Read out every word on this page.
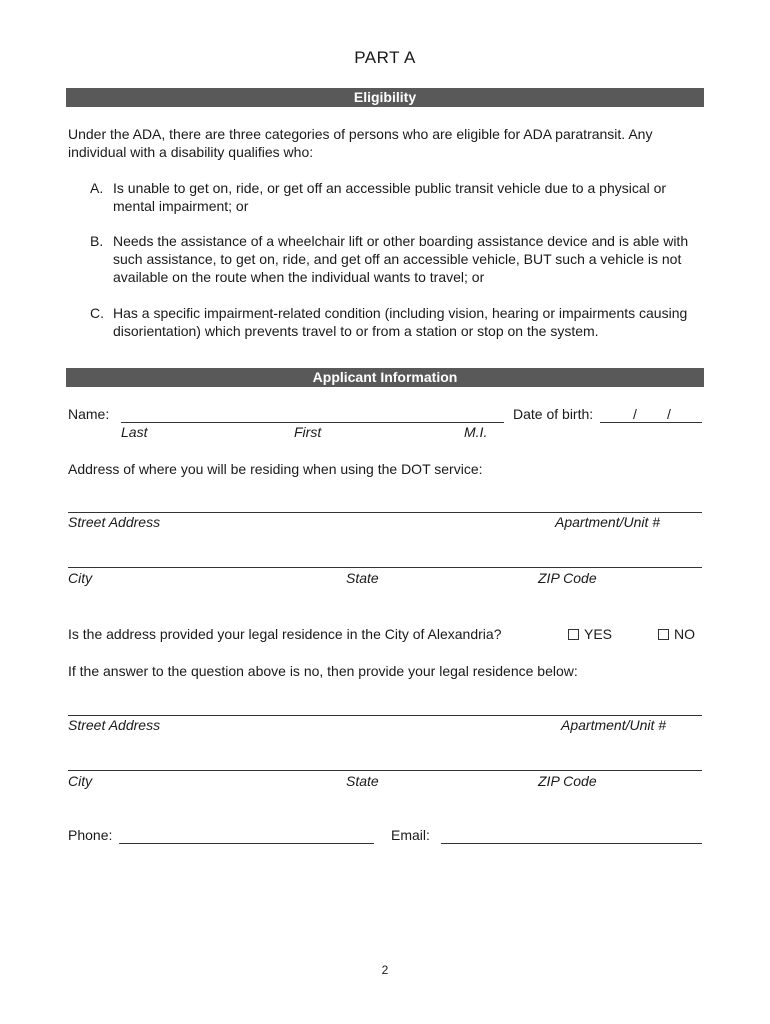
PART A
Eligibility
Under the ADA, there are three categories of persons who are eligible for ADA paratransit. Any individual with a disability qualifies who:
A. Is unable to get on, ride, or get off an accessible public transit vehicle due to a physical or mental impairment; or
B. Needs the assistance of a wheelchair lift or other boarding assistance device and is able with such assistance, to get on, ride, and get off an accessible vehicle, BUT such a vehicle is not available on the route when the individual wants to travel; or
C. Has a specific impairment-related condition (including vision, hearing or impairments causing disorientation) which prevents travel to or from a station or stop on the system.
Applicant Information
Name:
Last	First	M.I.
Date of birth:	/ /
Address of where you will be residing when using the DOT service:
Street Address	Apartment/Unit #
City	State	ZIP Code
Is the address provided your legal residence in the City of Alexandria?	YES	NO
If the answer to the question above is no, then provide your legal residence below:
Street Address	Apartment/Unit #
City	State	ZIP Code
Phone:	Email:
2
